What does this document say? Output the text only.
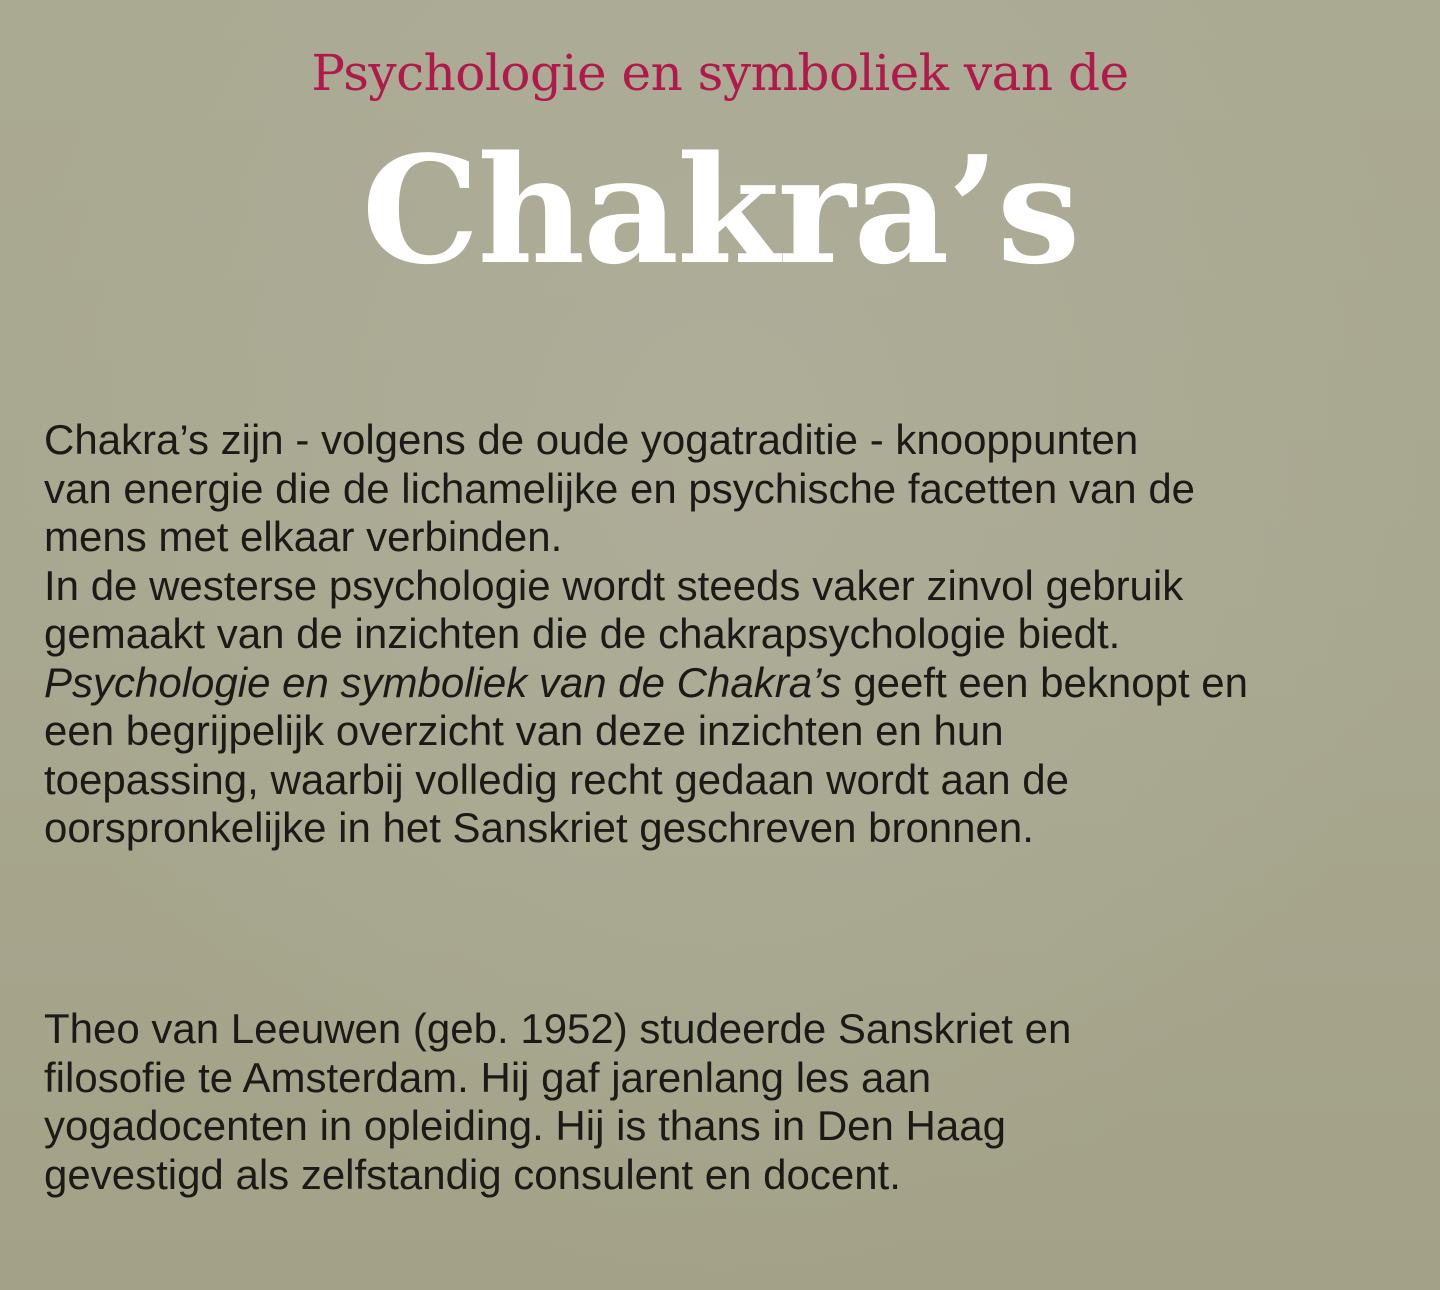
Psychologie en symboliek van de
Chakra’s
Chakra’s zijn - volgens de oude yogatraditie - knooppunten
van energie die de lichamelijke en psychische facetten van de
mens met elkaar verbinden.
In de westerse psychologie wordt steeds vaker zinvol gebruik
gemaakt van de inzichten die de chakrapsychologie biedt.
Psychologie en symboliek van de Chakra’s geeft een beknopt en
een begrijpelijk overzicht van deze inzichten en hun
toepassing, waarbij volledig recht gedaan wordt aan de
oorspronkelijke in het Sanskriet geschreven bronnen.
Theo van Leeuwen (geb. 1952) studeerde Sanskriet en
filosofie te Amsterdam. Hij gaf jarenlang les aan
yogadocenten in opleiding. Hij is thans in Den Haag
gevestigd als zelfstandig consulent en docent.
